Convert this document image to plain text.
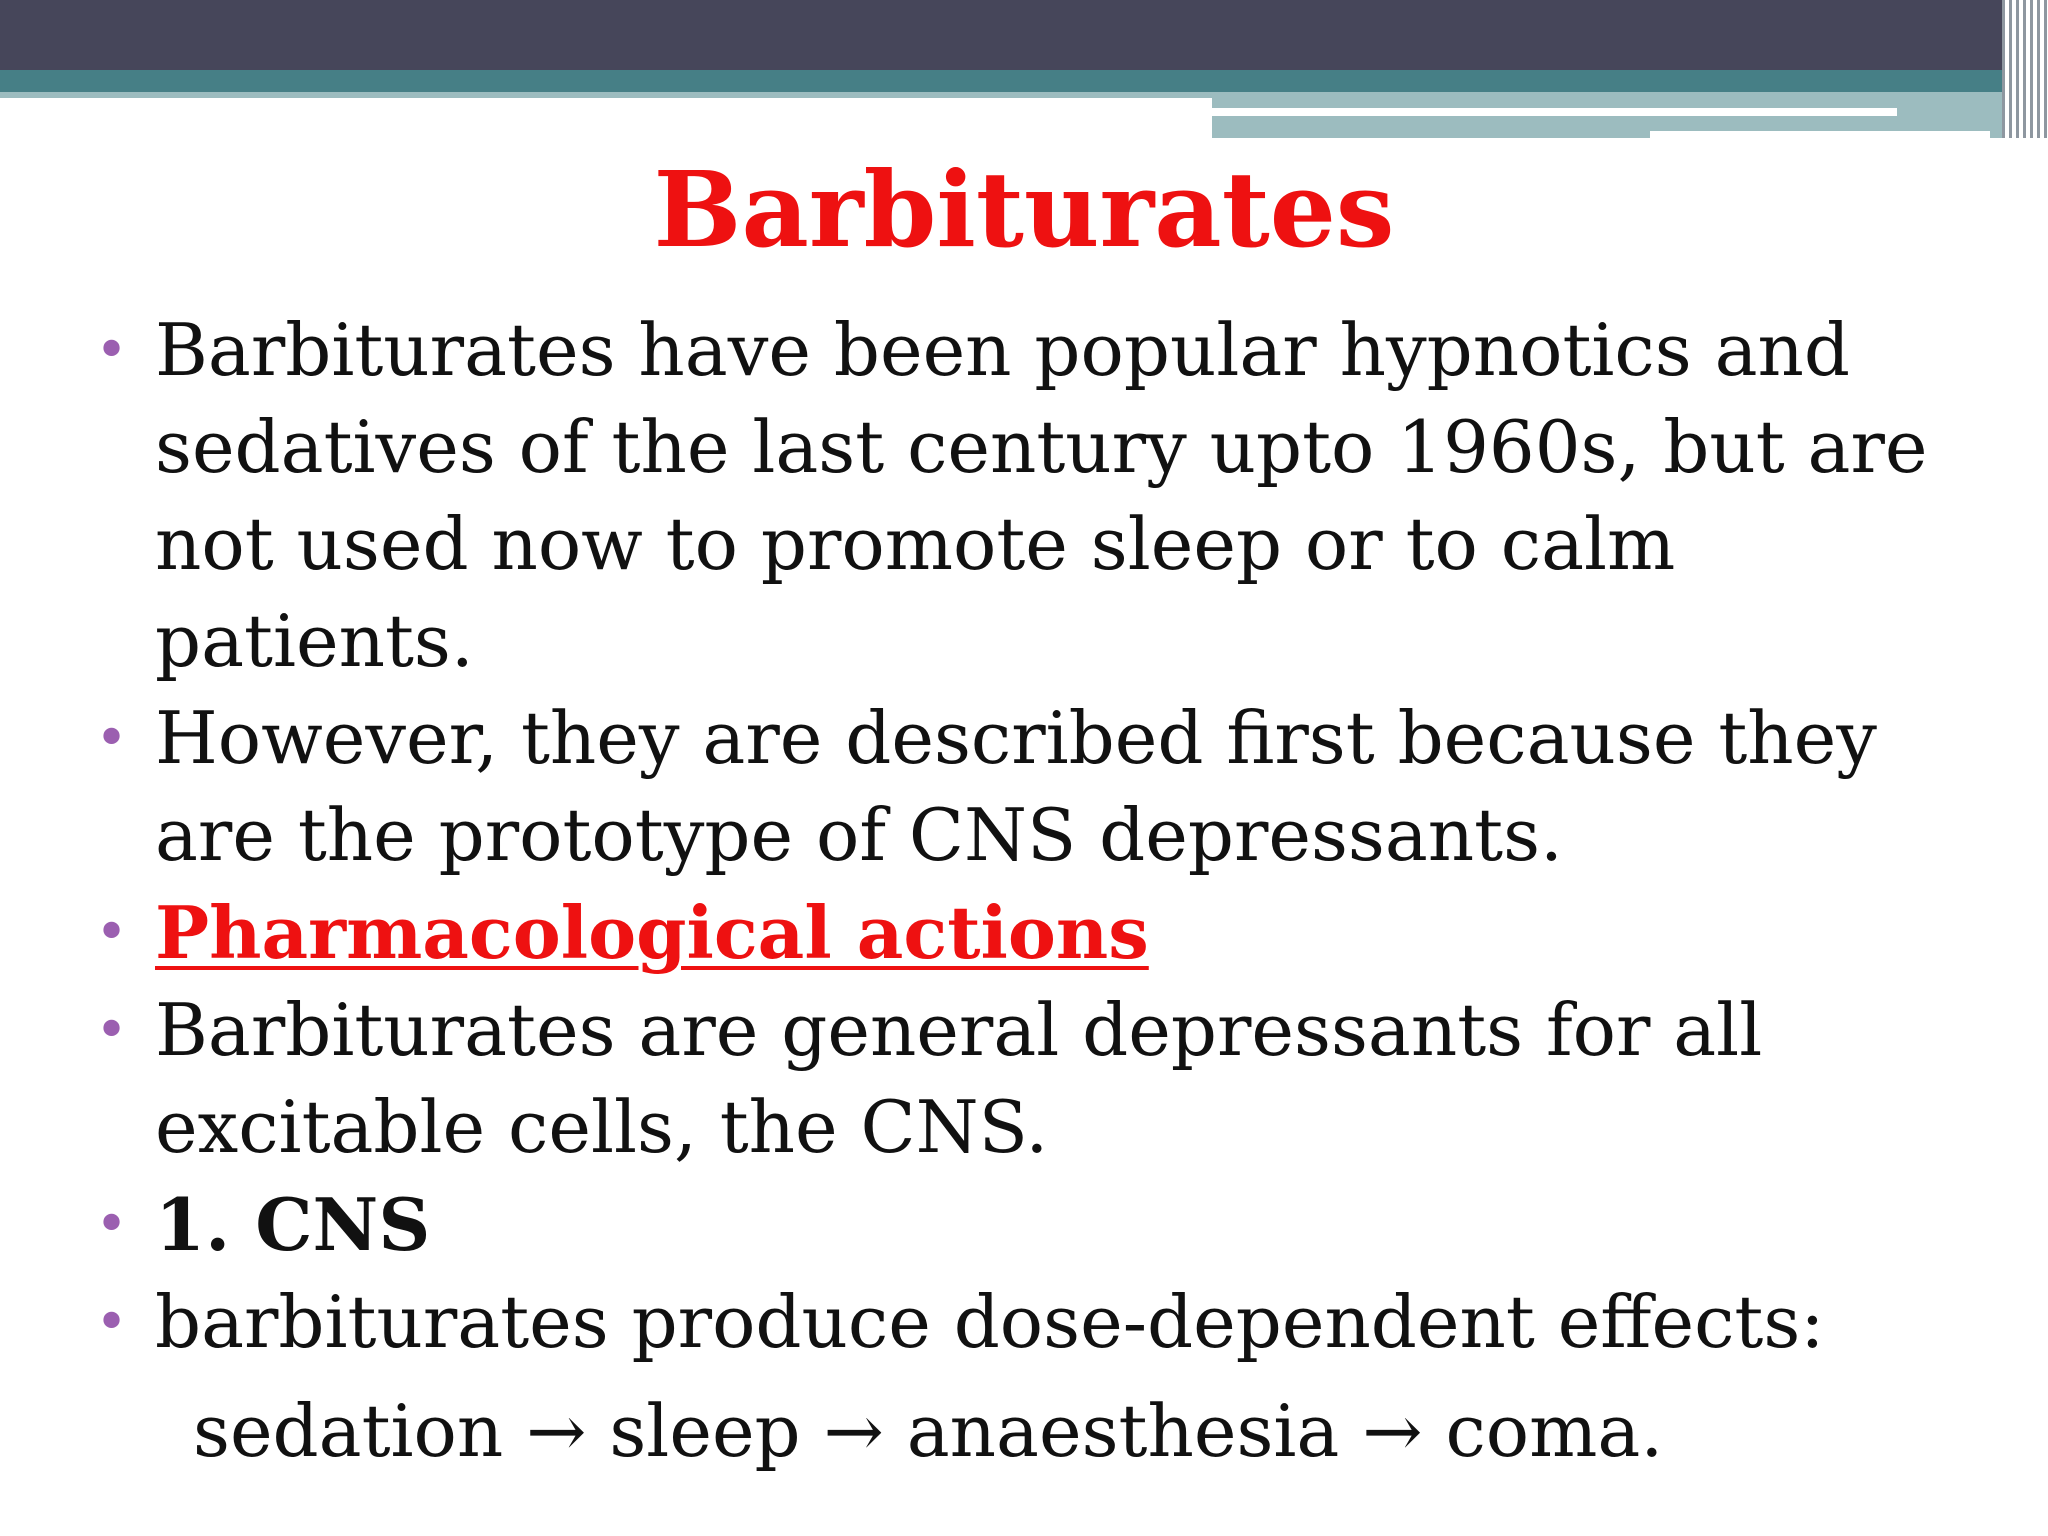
Barbiturates
• Barbiturates have been popular hypnotics and sedatives of the last century upto 1960s, but are not used now to promote sleep or to calm patients.
• However, they are described first because they are the prototype of CNS depressants.
• Pharmacological actions
• Barbiturates are general depressants for all excitable cells, the CNS.
• 1. CNS
• barbiturates produce dose-dependent effects:
sedation → sleep → anaesthesia → coma.
